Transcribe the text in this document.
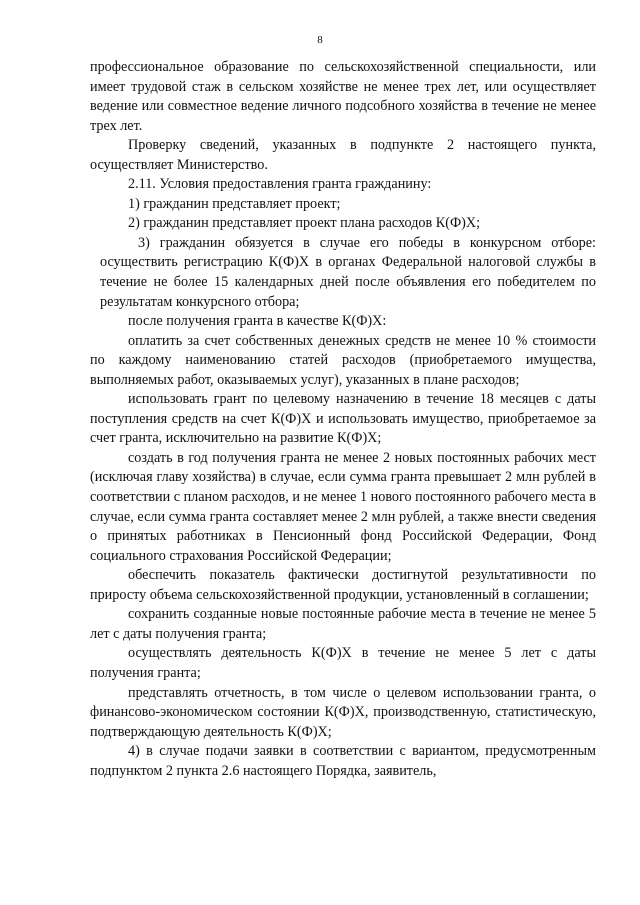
8

профессиональное образование по сельскохозяйственной специальности, или имеет трудовой стаж в сельском хозяйстве не менее трех лет, или осуществляет ведение или совместное ведение личного подсобного хозяйства в течение не менее трех лет.

Проверку сведений, указанных в подпункте 2 настоящего пункта, осуществляет Министерство.

2.11. Условия предоставления гранта гражданину:

1) гражданин представляет проект;

2) гражданин представляет проект плана расходов К(Ф)Х;

3) гражданин обязуется в случае его победы в конкурсном отборе: осуществить регистрацию К(Ф)Х в органах Федеральной налоговой службы в течение не более 15 календарных дней после объявления его победителем по результатам конкурсного отбора;

после получения гранта в качестве К(Ф)Х:

оплатить за счет собственных денежных средств не менее 10 % стоимости по каждому наименованию статей расходов (приобретаемого имущества, выполняемых работ, оказываемых услуг), указанных в плане расходов;

использовать грант по целевому назначению в течение 18 месяцев с даты поступления средств на счет К(Ф)Х и использовать имущество, приобретаемое за счет гранта, исключительно на развитие К(Ф)Х;

создать в год получения гранта не менее 2 новых постоянных рабочих мест (исключая главу хозяйства) в случае, если сумма гранта превышает 2 млн рублей в соответствии с планом расходов, и не менее 1 нового постоянного рабочего места в случае, если сумма гранта составляет менее 2 млн рублей, а также внести сведения о принятых работниках в Пенсионный фонд Российской Федерации, Фонд социального страхования Российской Федерации;

обеспечить показатель фактически достигнутой результативности по приросту объема сельскохозяйственной продукции, установленный в соглашении;

сохранить созданные новые постоянные рабочие места в течение не менее 5 лет с даты получения гранта;

осуществлять деятельность К(Ф)Х в течение не менее 5 лет с даты получения гранта;

представлять отчетность, в том числе о целевом использовании гранта, о финансово-экономическом состоянии К(Ф)Х, производственную, статистическую, подтверждающую деятельность К(Ф)Х;

4) в случае подачи заявки в соответствии с вариантом, предусмотренным подпунктом 2 пункта 2.6 настоящего Порядка, заявитель,
